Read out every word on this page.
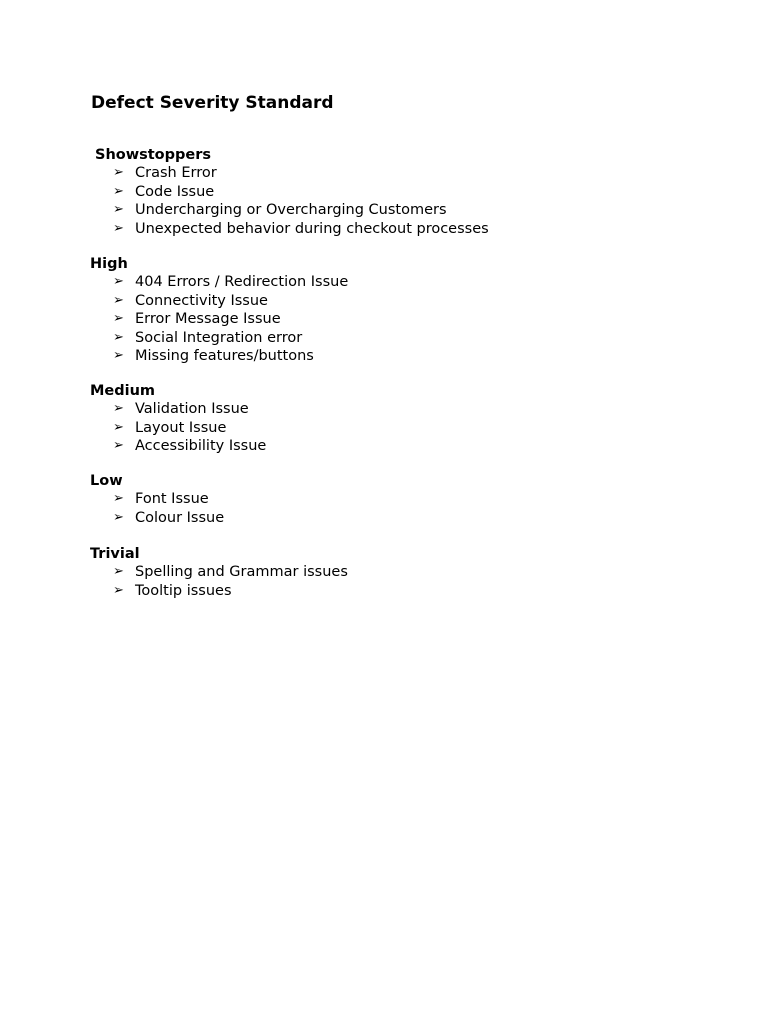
Defect Severity Standard
Showstoppers
➢ Crash Error
➢ Code Issue
➢ Undercharging or Overcharging Customers
➢ Unexpected behavior during checkout processes
High
➢ 404 Errors / Redirection Issue
➢ Connectivity Issue
➢ Error Message Issue
➢ Social Integration error
➢ Missing features/buttons
Medium
➢ Validation Issue
➢ Layout Issue
➢ Accessibility Issue
Low
➢ Font Issue
➢ Colour Issue
Trivial
➢ Spelling and Grammar issues
➢ Tooltip issues
